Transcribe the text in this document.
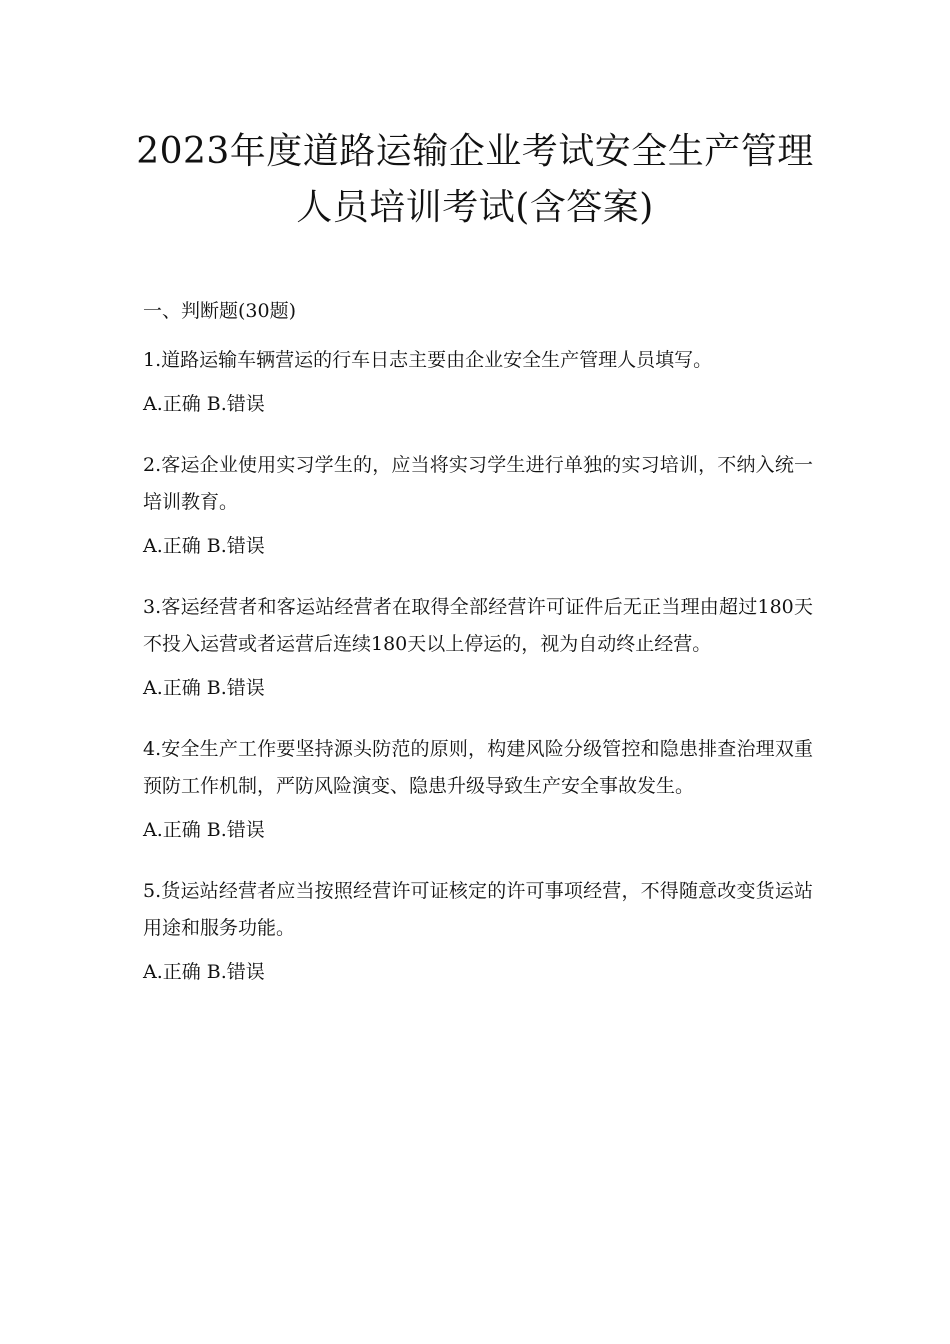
2023年度道路运输企业考试安全生产管理
人员培训考试(含答案)

一、判断题(30题)

1.道路运输车辆营运的行车日志主要由企业安全生产管理人员填写。

A.正确 B.错误

2.客运企业使用实习学生的，应当将实习学生进行单独的实习培训，不纳入统一培训教育。

A.正确 B.错误

3.客运经营者和客运站经营者在取得全部经营许可证件后无正当理由超过180天不投入运营或者运营后连续180天以上停运的，视为自动终止经营。

A.正确 B.错误

4.安全生产工作要坚持源头防范的原则，构建风险分级管控和隐患排查治理双重预防工作机制，严防风险演变、隐患升级导致生产安全事故发生。

A.正确 B.错误

5.货运站经营者应当按照经营许可证核定的许可事项经营，不得随意改变货运站用途和服务功能。

A.正确 B.错误
